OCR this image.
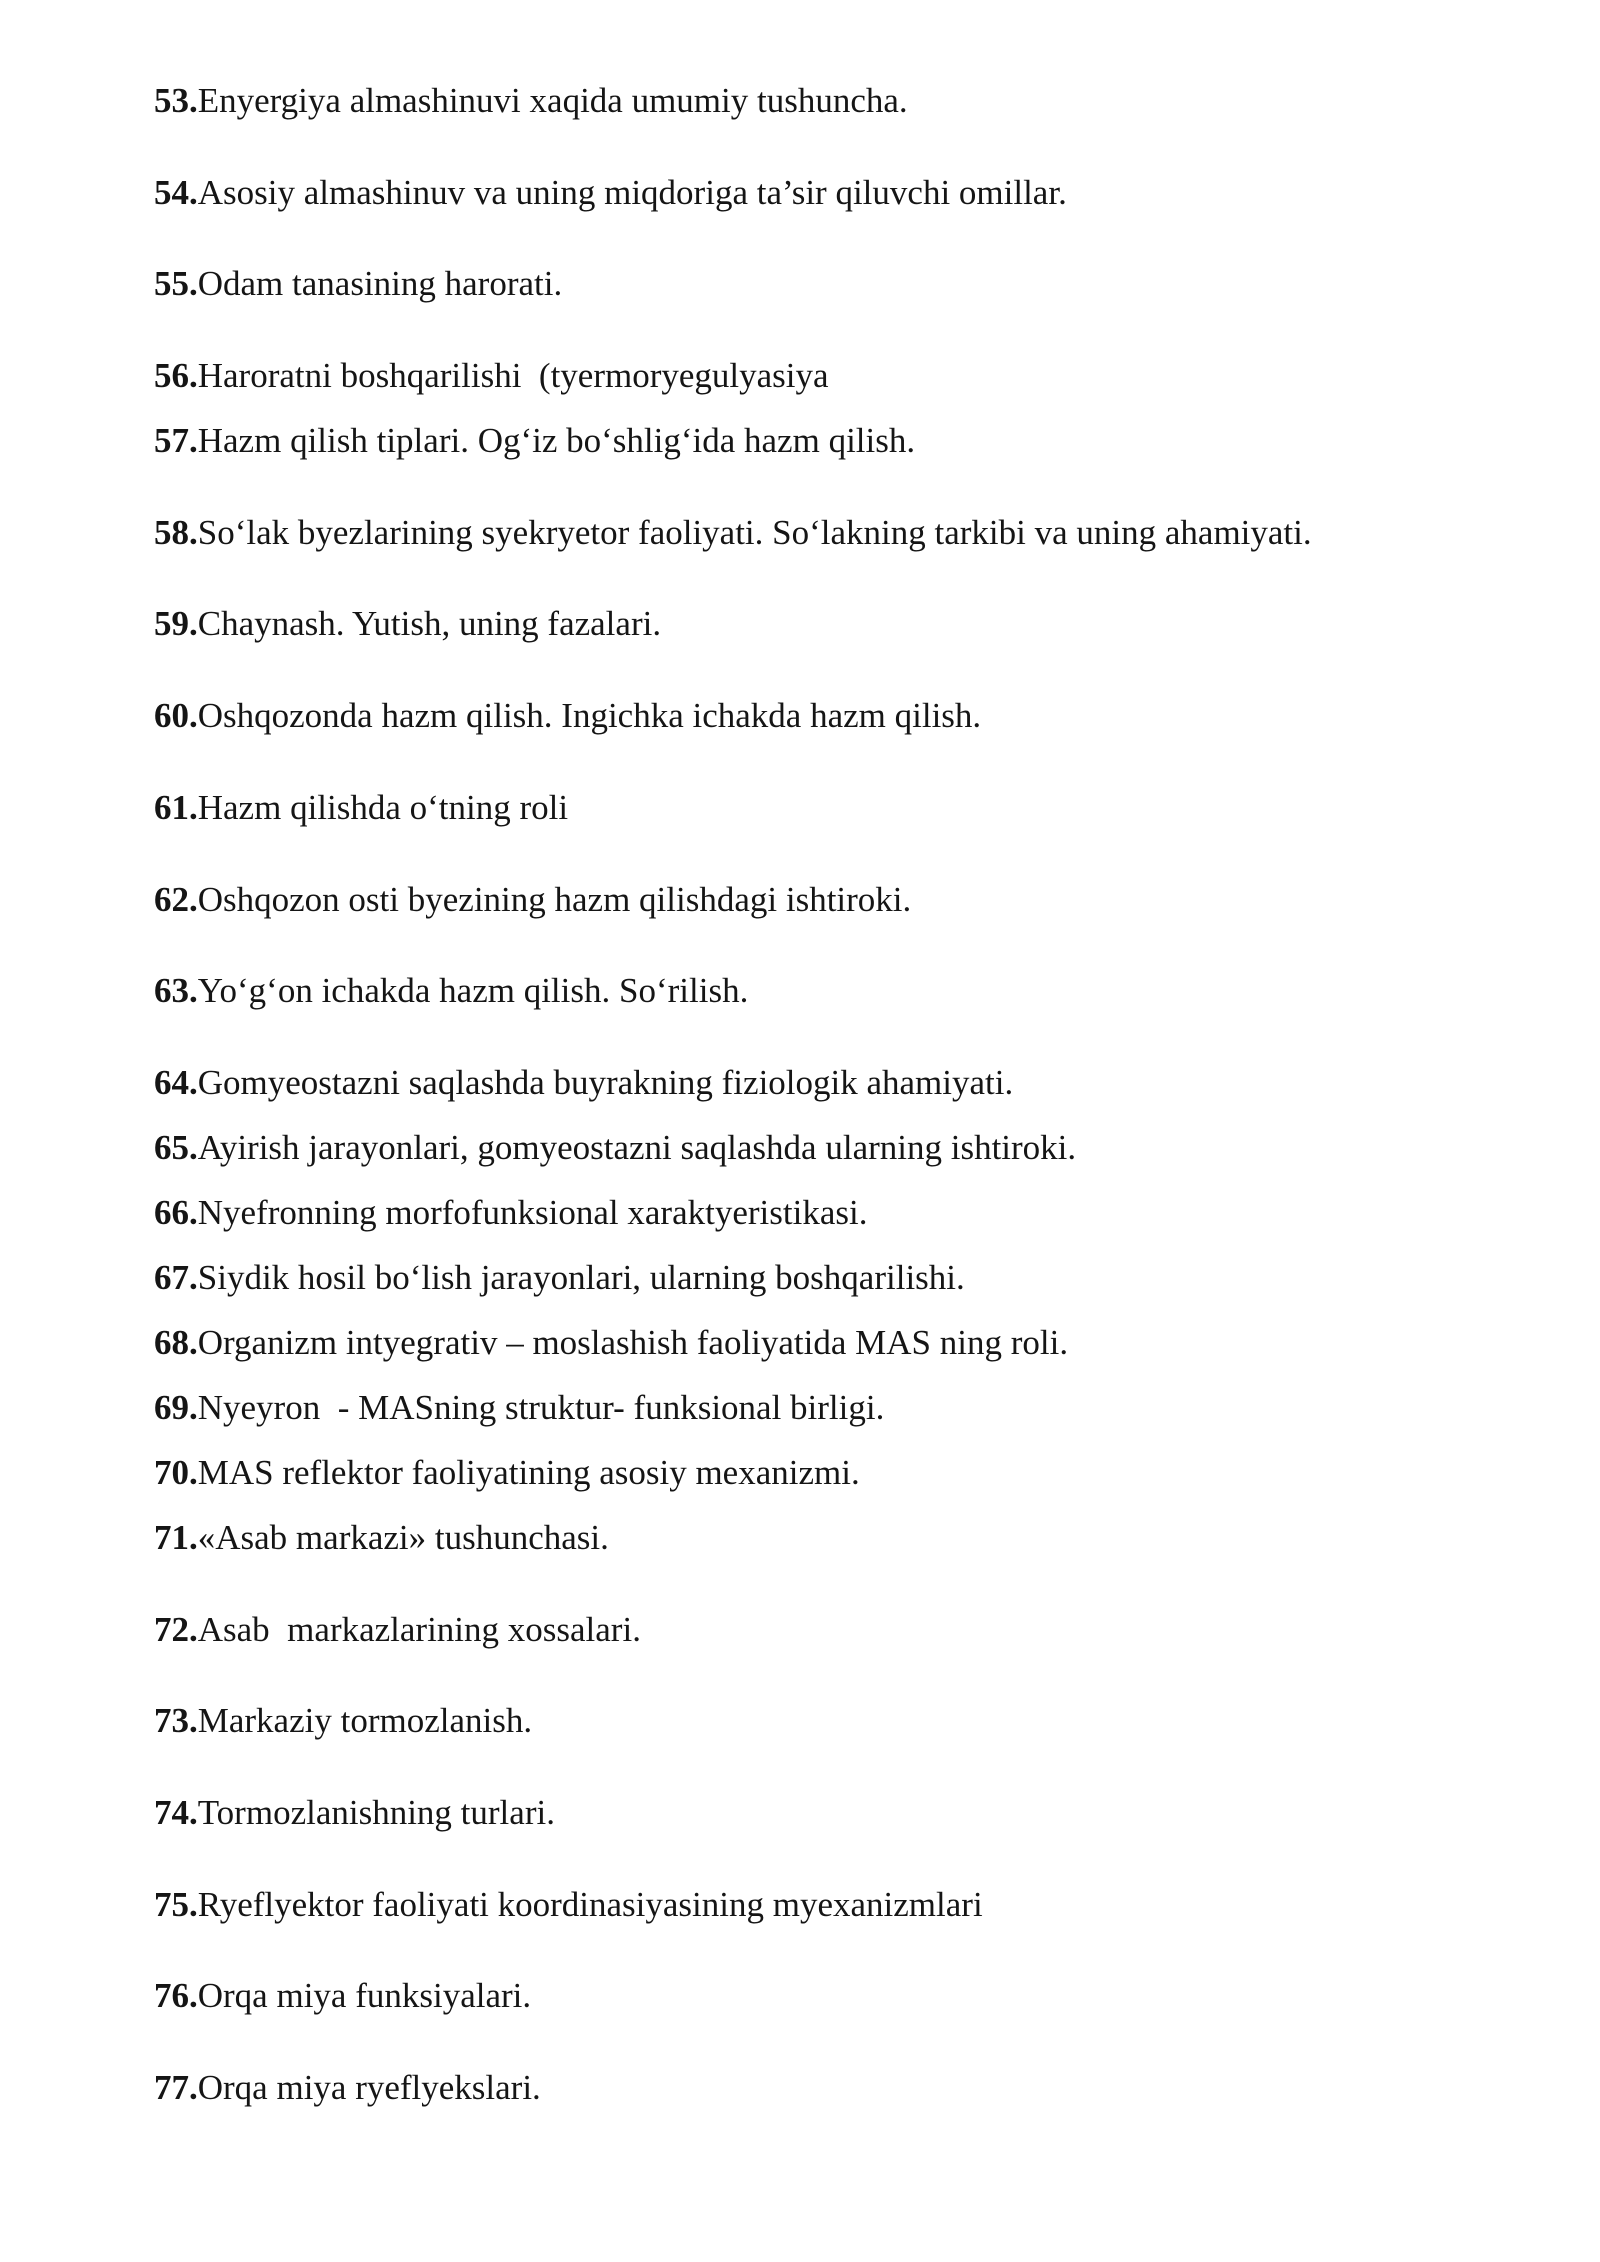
53.Enyergiya almashinuvi xaqida umumiy tushuncha.
54.Asosiy almashinuv va uning miqdoriga ta’sir qiluvchi omillar.
55.Odam tanasining harorati.
56.Haroratni boshqarilishi  (tyermoryegulyasiya
57.Hazm qilish tiplari. Og‘iz bo‘shlig‘ida hazm qilish.
58.So‘lak byezlarining syekryetor faoliyati. So‘lakning tarkibi va uning ahamiyati.
59.Chaynash. Yutish, uning fazalari.
60.Oshqozonda hazm qilish. Ingichka ichakda hazm qilish.
61.Hazm qilishda o‘tning roli
62.Oshqozon osti byezining hazm qilishdagi ishtiroki.
63.Yo‘g‘on ichakda hazm qilish. So‘rilish.
64.Gomyeostazni saqlashda buyrakning fiziologik ahamiyati.
65.Ayirish jarayonlari, gomyeostazni saqlashda ularning ishtiroki.
66.Nyefronning morfofunksional xaraktyeristikasi.
67.Siydik hosil bo‘lish jarayonlari, ularning boshqarilishi.
68.Organizm intyegrativ – moslashish faoliyatida MAS ning roli.
69.Nyeyron  - MASning struktur- funksional birligi.
70.MAS reflektor faoliyatining asosiy mexanizmi.
71.«Asab markazi» tushunchasi.
72.Asab  markazlarining xossalari.
73.Markaziy tormozlanish.
74.Tormozlanishning turlari.
75.Ryeflyektor faoliyati koordinasiyasining myexanizmlari
76.Orqa miya funksiyalari.
77.Orqa miya ryeflyekslari.
